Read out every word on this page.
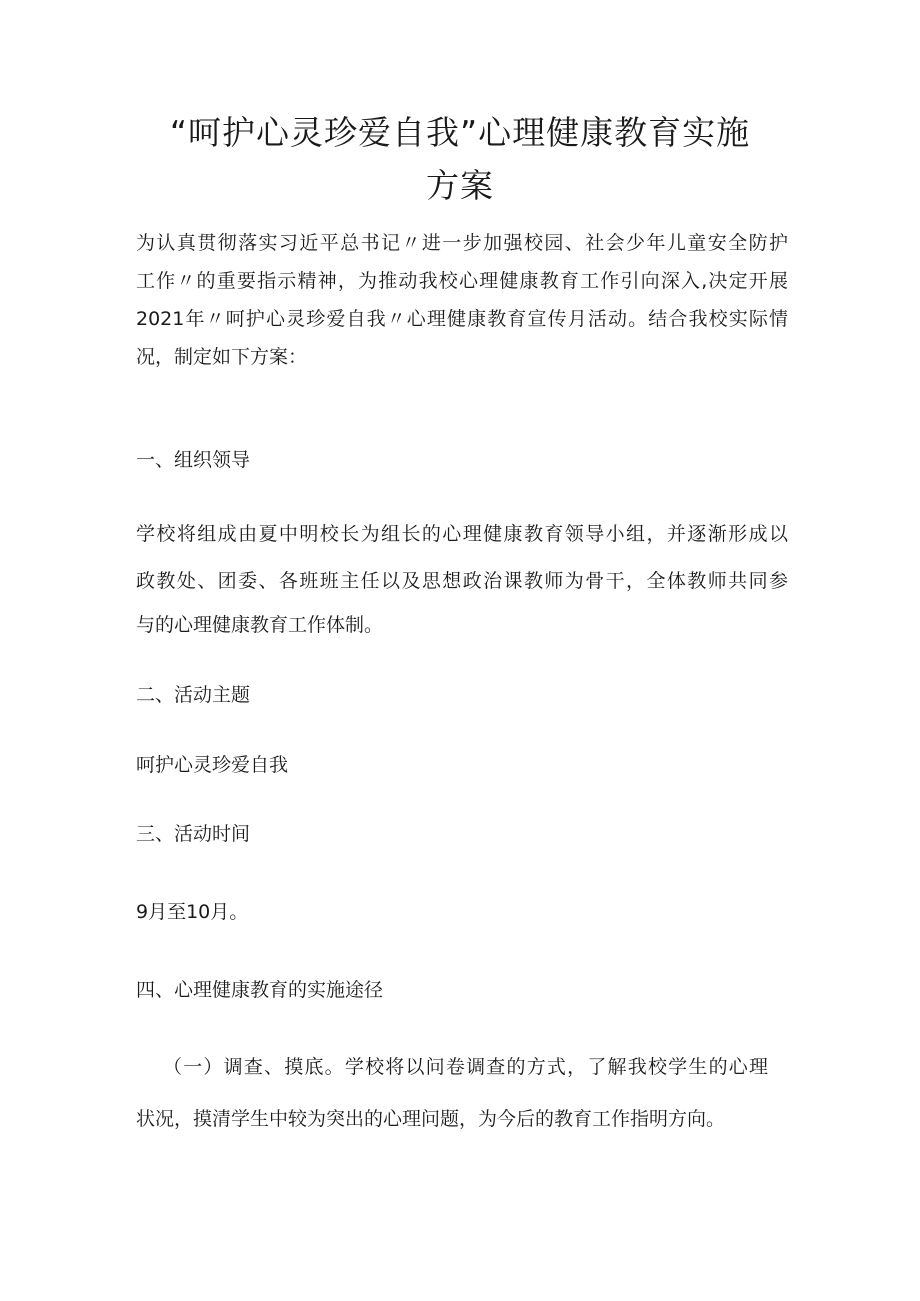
“呵护心灵珍爱自我”心理健康教育实施
方案

为认真贯彻落实习近平总书记〃进一步加强校园、社会少年儿童安全防护

工作〃的重要指示精神，为推动我校心理健康教育工作引向深入,决定开展

2021年〃呵护心灵珍爱自我〃心理健康教育宣传月活动。结合我校实际情

况，制定如下方案：

一、组织领导

学校将组成由夏中明校长为组长的心理健康教育领导小组，并逐渐形成以

政教处、团委、各班班主任以及思想政治课教师为骨干，全体教师共同参

与的心理健康教育工作体制。

二、活动主题

呵护心灵珍爱自我

三、活动时间

9月至10月。

四、心理健康教育的实施途径

（一）调查、摸底。学校将以问卷调查的方式，了解我校学生的心理

状况，摸清学生中较为突出的心理问题，为今后的教育工作指明方向。
